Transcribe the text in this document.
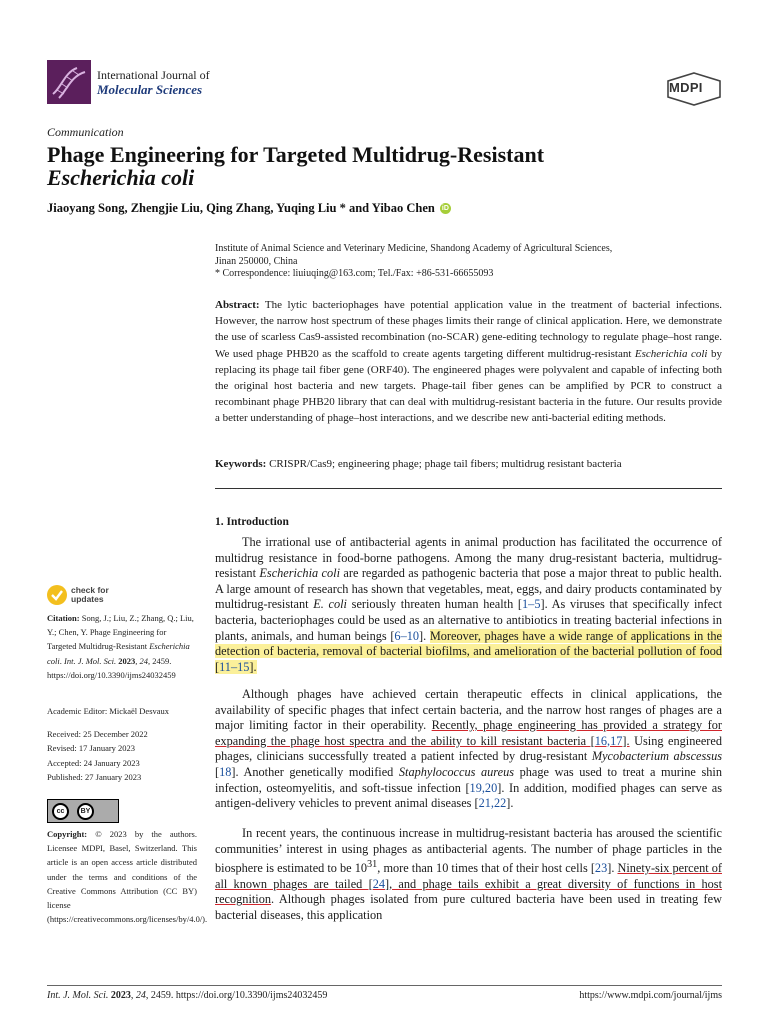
International Journal of
Molecular Sciences	MDPI
Communication
Phage Engineering for Targeted Multidrug-Resistant
Escherichia coli
Jiaoyang Song, Zhengjie Liu, Qing Zhang, Yuqing Liu * and Yibao Chen iD
Institute of Animal Science and Veterinary Medicine, Shandong Academy of Agricultural Sciences,
Jinan 250000, China
* Correspondence: liuiuqing@163.com; Tel./Fax: +86-531-66655093

Abstract: The lytic bacteriophages have potential application value in the treatment of bacterial infections. However, the narrow host spectrum of these phages limits their range of clinical application. Here, we demonstrate the use of scarless Cas9-assisted recombination (no-SCAR) gene-editing technology to regulate phage–host range. We used phage PHB20 as the scaffold to create agents targeting different multidrug-resistant Escherichia coli by replacing its phage tail fiber gene (ORF40). The engineered phages were polyvalent and capable of infecting both the original host bacteria and new targets. Phage-tail fiber genes can be amplified by PCR to construct a recombinant phage PHB20 library that can deal with multidrug-resistant bacteria in the future. Our results provide a better understanding of phage–host interactions, and we describe new anti-bacterial editing methods.

Keywords: CRISPR/Cas9; engineering phage; phage tail fibers; multidrug resistant bacteria

1. Introduction

The irrational use of antibacterial agents in animal production has facilitated the occurrence of multidrug resistance in food-borne pathogens. Among the many drug-resistant bacteria, multidrug-resistant Escherichia coli are regarded as pathogenic bacteria that pose a major threat to public health. A large amount of research has shown that vegetables, meat, eggs, and dairy products contaminated by multidrug-resistant E. coli seriously threaten human health [1–5]. As viruses that specifically infect bacteria, bacteriophages could be used as an alternative to antibiotics in treating bacterial infections in plants, animals, and human beings [6–10]. Moreover, phages have a wide range of applications in the detection of bacteria, removal of bacterial biofilms, and amelioration of the bacterial pollution of food [11–15].

Although phages have achieved certain therapeutic effects in clinical applications, the availability of specific phages that infect certain bacteria, and the narrow host ranges of phages are a major limiting factor in their operability. Recently, phage engineering has provided a strategy for expanding the phage host spectra and the ability to kill resistant bacteria [16,17]. Using engineered phages, clinicians successfully treated a patient infected by drug-resistant Mycobacterium abscessus [18]. Another genetically modified Staphylococcus aureus phage was used to treat a murine shin infection, osteomyelitis, and soft-tissue infection [19,20]. In addition, modified phages can serve as antigen-delivery vehicles to prevent animal diseases [21,22].

In recent years, the continuous increase in multidrug-resistant bacteria has aroused the scientific communities’ interest in using phages as antibacterial agents. The number of phage particles in the biosphere is estimated to be $10^{31}$, more than 10 times that of their host cells [23]. Ninety-six percent of all known phages are tailed [24], and phage tails exhibit a great diversity of functions in host recognition. Although phages isolated from pure cultured bacteria have been used in treating few bacterial diseases, this application

check for
updates

Citation: Song, J.; Liu, Z.; Zhang, Q.; Liu, Y.; Chen, Y. Phage Engineering for Targeted Multidrug-Resistant Escherichia coli. Int. J. Mol. Sci. 2023, 24, 2459. https://doi.org/10.3390/ijms24032459

Academic Editor: Mickaël Desvaux
Received: 25 December 2022
Revised: 17 January 2023
Accepted: 24 January 2023
Published: 27 January 2023
cc	BY

Copyright: © 2023 by the authors. Licensee MDPI, Basel, Switzerland. This article is an open access article distributed under the terms and conditions of the Creative Commons Attribution (CC BY) license (https://creativecommons.org/licenses/by/4.0/).

Int. J. Mol. Sci. 2023, 24, 2459. https://doi.org/10.3390/ijms24032459	https://www.mdpi.com/journal/ijms
